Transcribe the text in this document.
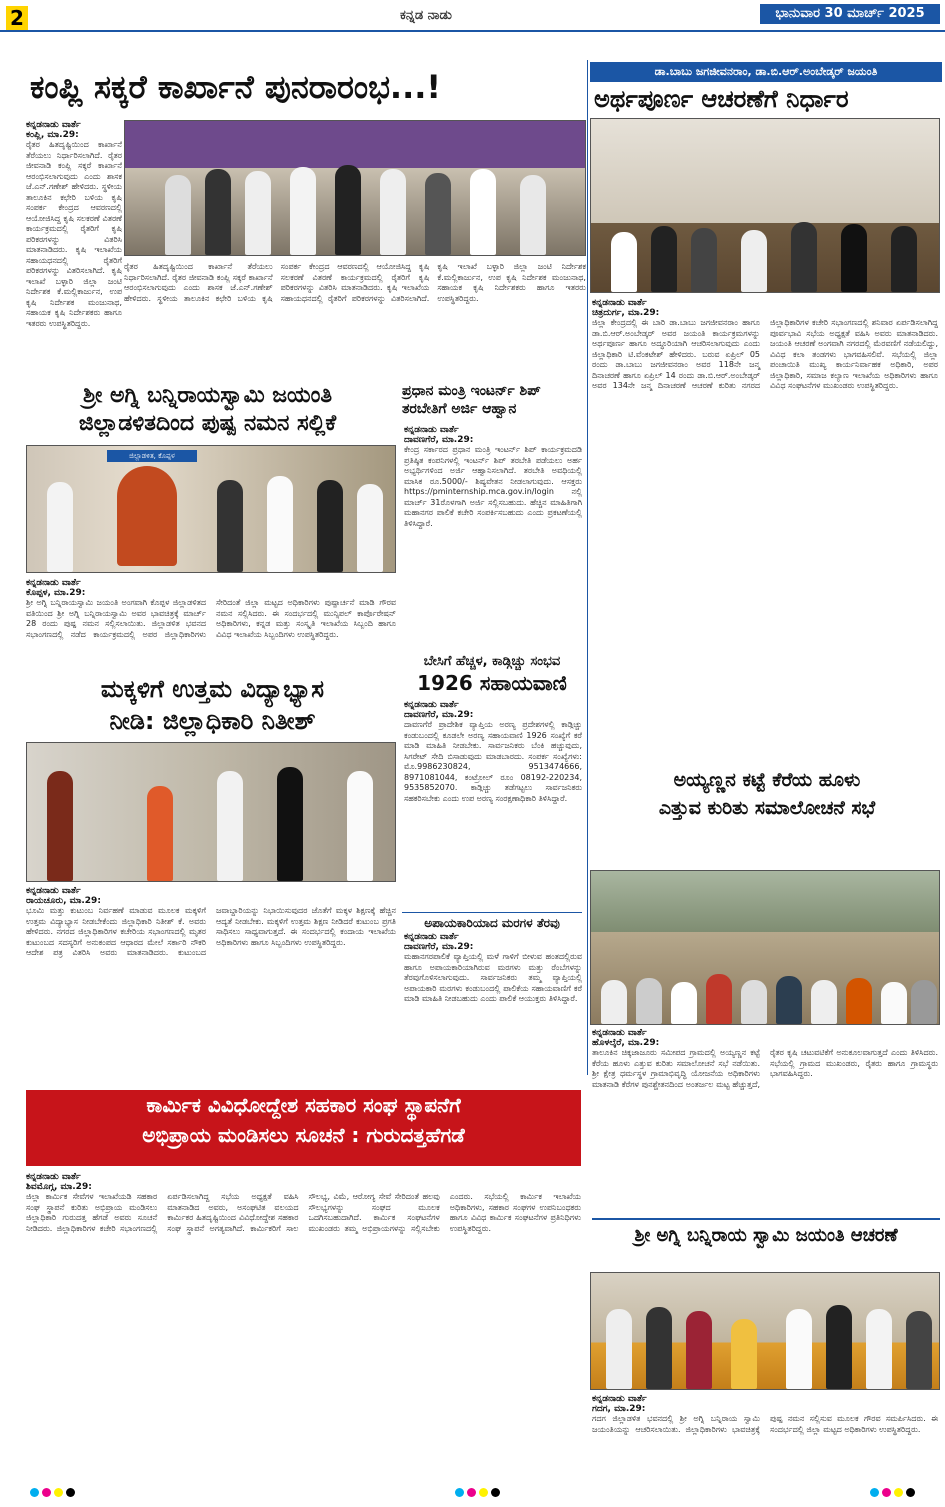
2	ಕನ್ನಡ ನಾಡು	ಭಾನುವಾರ 30 ಮಾರ್ಚ್ 2025
ಕಂಪ್ಲಿ ಸಕ್ಕರೆ ಕಾರ್ಖಾನೆ ಪುನರಾರಂಭ...!
ಕನ್ನಡನಾಡು ವಾರ್ತೆ
ಕಂಪ್ಲಿ, ಮಾ.29:
ರೈತರ ಹಿತದೃಷ್ಟಿಯಿಂದ ಕಾರ್ಖಾನೆ ತೆರೆಯಲು ನಿರ್ಧಾರಿಸಲಾಗಿದೆ. ರೈತರ ಜೀವನಾಡಿ ಕಂಪ್ಲಿ ಸಕ್ಕರೆ ಕಾರ್ಖಾನೆ ಆರಂಭಿಸಲಾಗುವುದು ಎಂದು ಶಾಸಕ ಜೆ.ಎನ್.ಗಣೇಶ್ ಹೇಳಿದರು. ಸ್ಥಳೀಯ ತಾಲೂಕಿನ ಕಛೇರಿ ಬಳಿಯ ಕೃಷಿ ಸಂಪರ್ಕ ಕೇಂದ್ರದ ಆವರಣದಲ್ಲಿ ಆಯೋಜಿಸಿದ್ದ ಕೃಷಿ ಸಲಕರಣೆ ವಿತರಣೆ ಕಾರ್ಯಕ್ರಮದಲ್ಲಿ ರೈತರಿಗೆ ಕೃಷಿ ಪರಿಕರಗಳನ್ನು ವಿತರಿಸಿ ಮಾತನಾಡಿದರು. ಕೃಷಿ ಇಲಾಖೆಯ ಸಹಾಯಧನದಲ್ಲಿ ರೈತರಿಗೆ ಪರಿಕರಗಳನ್ನು ವಿತರಿಸಲಾಗಿದೆ. ಕೃಷಿ ಇಲಾಖೆ ಬಳ್ಳಾರಿ ಜಿಲ್ಲಾ ಜಂಟಿ ನಿರ್ದೇಶಕ ಕೆ.ಮಲ್ಲಿಕಾರ್ಜುನ, ಉಪ ಕೃಷಿ ನಿರ್ದೇಶಕ ಮಂಜುನಾಥ, ಸಹಾಯಕ ಕೃಷಿ ನಿರ್ದೇಶಕರು ಹಾಗೂ ಇತರರು ಉಪಸ್ಥಿತರಿದ್ದರು.
ರೈತರ ಹಿತದೃಷ್ಟಿಯಿಂದ ಕಾರ್ಖಾನೆ ತೆರೆಯಲು ನಿರ್ಧಾರಿಸಲಾಗಿದೆ. ರೈತರ ಜೀವನಾಡಿ ಕಂಪ್ಲಿ ಸಕ್ಕರೆ ಕಾರ್ಖಾನೆ ಆರಂಭಿಸಲಾಗುವುದು ಎಂದು ಶಾಸಕ ಜೆ.ಎನ್.ಗಣೇಶ್ ಹೇಳಿದರು. ಸ್ಥಳೀಯ ತಾಲೂಕಿನ ಕಛೇರಿ ಬಳಿಯ ಕೃಷಿ ಸಂಪರ್ಕ ಕೇಂದ್ರದ ಆವರಣದಲ್ಲಿ ಆಯೋಜಿಸಿದ್ದ ಕೃಷಿ ಸಲಕರಣೆ ವಿತರಣೆ ಕಾರ್ಯಕ್ರಮದಲ್ಲಿ ರೈತರಿಗೆ ಕೃಷಿ ಪರಿಕರಗಳನ್ನು ವಿತರಿಸಿ ಮಾತನಾಡಿದರು. ಕೃಷಿ ಇಲಾಖೆಯ ಸಹಾಯಧನದಲ್ಲಿ ರೈತರಿಗೆ ಪರಿಕರಗಳನ್ನು ವಿತರಿಸಲಾಗಿದೆ. ಕೃಷಿ ಇಲಾಖೆ ಬಳ್ಳಾರಿ ಜಿಲ್ಲಾ ಜಂಟಿ ನಿರ್ದೇಶಕ ಕೆ.ಮಲ್ಲಿಕಾರ್ಜುನ, ಉಪ ಕೃಷಿ ನಿರ್ದೇಶಕ ಮಂಜುನಾಥ, ಸಹಾಯಕ ಕೃಷಿ ನಿರ್ದೇಶಕರು ಹಾಗೂ ಇತರರು ಉಪಸ್ಥಿತರಿದ್ದರು.
ಡಾ.ಬಾಬು ಜಗಜೀವನರಾಂ, ಡಾ.ಬಿ.ಆರ್.ಅಂಬೇಡ್ಕರ್ ಜಯಂತಿ
ಅರ್ಥಪೂರ್ಣ ಆಚರಣೆಗೆ ನಿರ್ಧಾರ
ಕನ್ನಡನಾಡು ವಾರ್ತೆ
ಚಿತ್ರದುರ್ಗ, ಮಾ.29:
ಜಿಲ್ಲಾ ಕೇಂದ್ರದಲ್ಲಿ ಈ ಬಾರಿ ಡಾ.ಬಾಬು ಜಗಜೀವನರಾಂ ಹಾಗೂ ಡಾ.ಬಿ.ಆರ್.ಅಂಬೇಡ್ಕರ್ ಅವರ ಜಯಂತಿ ಕಾರ್ಯಕ್ರಮಗಳನ್ನು ಅರ್ಥಪೂರ್ಣ ಹಾಗೂ ಅದ್ಧೂರಿಯಾಗಿ ಆಚರಿಸಲಾಗುವುದು ಎಂದು ಜಿಲ್ಲಾಧಿಕಾರಿ ಟಿ.ವೆಂಕಟೇಶ್ ಹೇಳಿದರು. ಬರುವ ಏಪ್ರಿಲ್ 05 ರಂದು ಡಾ.ಬಾಬು ಜಗಜೀವನರಾಂ ಅವರ 118ನೇ ಜನ್ಮ ದಿನಾಚರಣೆ ಹಾಗೂ ಏಪ್ರಿಲ್ 14 ರಂದು ಡಾ.ಬಿ.ಆರ್.ಅಂಬೇಡ್ಕರ್ ಅವರ 134ನೇ ಜನ್ಮ ದಿನಾಚರಣೆ ಆಚರಣೆ ಕುರಿತು ನಗರದ ಜಿಲ್ಲಾಧಿಕಾರಿಗಳ ಕಚೇರಿ ಸಭಾಂಗಣದಲ್ಲಿ ಶನಿವಾರ ಏರ್ಪಡಿಸಲಾಗಿದ್ದ ಪೂರ್ವಭಾವಿ ಸಭೆಯ ಅಧ್ಯಕ್ಷತೆ ವಹಿಸಿ ಅವರು ಮಾತನಾಡಿದರು. ಜಯಂತಿ ಆಚರಣೆ ಅಂಗವಾಗಿ ನಗರದಲ್ಲಿ ಮೆರವಣಿಗೆ ನಡೆಯಲಿದ್ದು, ವಿವಿಧ ಕಲಾ ತಂಡಗಳು ಭಾಗವಹಿಸಲಿವೆ. ಸಭೆಯಲ್ಲಿ ಜಿಲ್ಲಾ ಪಂಚಾಯಿತಿ ಮುಖ್ಯ ಕಾರ್ಯನಿರ್ವಾಹಕ ಅಧಿಕಾರಿ, ಅಪರ ಜಿಲ್ಲಾಧಿಕಾರಿ, ಸಮಾಜ ಕಲ್ಯಾಣ ಇಲಾಖೆಯ ಅಧಿಕಾರಿಗಳು ಹಾಗೂ ವಿವಿಧ ಸಂಘಟನೆಗಳ ಮುಖಂಡರು ಉಪಸ್ಥಿತರಿದ್ದರು.
ಶ್ರೀ ಅಗ್ನಿ ಬನ್ನಿರಾಯಸ್ವಾಮಿ ಜಯಂತಿ
ಜಿಲ್ಲಾಡಳಿತದಿಂದ ಪುಷ್ಪ ನಮನ ಸಲ್ಲಿಕೆ
ಜಿಲ್ಲಾಡಳಿತ, ಕೊಪ್ಪಳ
ಕನ್ನಡನಾಡು ವಾರ್ತೆ
ಕೊಪ್ಪಳ, ಮಾ.29:
ಶ್ರೀ ಅಗ್ನಿ ಬನ್ನಿರಾಯಸ್ವಾಮಿ ಜಯಂತಿ ಅಂಗವಾಗಿ ಕೊಪ್ಪಳ ಜಿಲ್ಲಾಡಳಿತದ ವತಿಯಿಂದ ಶ್ರೀ ಅಗ್ನಿ ಬನ್ನಿರಾಯಸ್ವಾಮಿ ಅವರ ಭಾವಚಿತ್ರಕ್ಕೆ ಮಾರ್ಚ್ 28 ರಂದು ಪುಷ್ಪ ನಮನ ಸಲ್ಲಿಸಲಾಯಿತು. ಜಿಲ್ಲಾಡಳಿತ ಭವನದ ಸಭಾಂಗಣದಲ್ಲಿ ನಡೆದ ಕಾರ್ಯಕ್ರಮದಲ್ಲಿ ಅಪರ ಜಿಲ್ಲಾಧಿಕಾರಿಗಳು ಸೇರಿದಂತೆ ಜಿಲ್ಲಾ ಮಟ್ಟದ ಅಧಿಕಾರಿಗಳು ಪುಷ್ಪಾರ್ಚನೆ ಮಾಡಿ ಗೌರವ ನಮನ ಸಲ್ಲಿಸಿದರು. ಈ ಸಂದರ್ಭದಲ್ಲಿ ಮುನ್ಸಿಪಲ್ ಕಾರ್ಪೊರೇಷನ್ ಅಧಿಕಾರಿಗಳು, ಕನ್ನಡ ಮತ್ತು ಸಂಸ್ಕೃತಿ ಇಲಾಖೆಯ ಸಿಬ್ಬಂದಿ ಹಾಗೂ ವಿವಿಧ ಇಲಾಖೆಯ ಸಿಬ್ಬಂದಿಗಳು ಉಪಸ್ಥಿತರಿದ್ದರು.
ಪ್ರಧಾನ ಮಂತ್ರಿ ಇಂಟರ್ನ್ ಶಿಪ್
ತರಬೇತಿಗೆ ಅರ್ಜಿ ಆಹ್ವಾನ
ಕನ್ನಡನಾಡು ವಾರ್ತೆ
ದಾವಣಗೆರೆ, ಮಾ.29:
ಕೇಂದ್ರ ಸರ್ಕಾರದ ಪ್ರಧಾನ ಮಂತ್ರಿ ಇಂಟರ್ನ್ ಶಿಪ್ ಕಾರ್ಯಕ್ರಮದಡಿ ಪ್ರತಿಷ್ಠಿತ ಕಂಪನಿಗಳಲ್ಲಿ ಇಂಟರ್ನ್ ಶಿಪ್ ತರಬೇತಿ ಪಡೆಯಲು ಅರ್ಹ ಅಭ್ಯರ್ಥಿಗಳಿಂದ ಅರ್ಜಿ ಆಹ್ವಾನಿಸಲಾಗಿದೆ. ತರಬೇತಿ ಅವಧಿಯಲ್ಲಿ ಮಾಸಿಕ ರೂ.5000/- ಶಿಷ್ಯವೇತನ ನೀಡಲಾಗುವುದು. ಆಸಕ್ತರು https://pminternship.mca.gov.in/login ನಲ್ಲಿ ಮಾರ್ಚ್ 31ರೊಳಗಾಗಿ ಅರ್ಜಿ ಸಲ್ಲಿಸಬಹುದು. ಹೆಚ್ಚಿನ ಮಾಹಿತಿಗಾಗಿ ಮಹಾನಗರ ಪಾಲಿಕೆ ಕಚೇರಿ ಸಂಪರ್ಕಿಸಬಹುದು ಎಂದು ಪ್ರಕಟಣೆಯಲ್ಲಿ ತಿಳಿಸಿದ್ದಾರೆ.
ಬೇಸಿಗೆ ಹೆಚ್ಚಳ, ಕಾಡ್ಗಿಚ್ಚು ಸಂಭವ
1926 ಸಹಾಯವಾಣಿ
ಕನ್ನಡನಾಡು ವಾರ್ತೆ
ದಾವಣಗೆರೆ, ಮಾ.29:
ದಾವಣಗೆರೆ ಪ್ರಾದೇಶಿಕ ವ್ಯಾಪ್ತಿಯ ಅರಣ್ಯ ಪ್ರದೇಶಗಳಲ್ಲಿ ಕಾಡ್ಗಿಚ್ಚು ಕಂಡುಬಂದಲ್ಲಿ ಕೂಡಲೇ ಅರಣ್ಯ ಸಹಾಯವಾಣಿ 1926 ಸಂಖ್ಯೆಗೆ ಕರೆ ಮಾಡಿ ಮಾಹಿತಿ ನೀಡಬೇಕು. ಸಾರ್ವಜನಿಕರು ಬೆಂಕಿ ಹಚ್ಚುವುದು, ಸಿಗರೇಟ್ ಸೇದಿ ಬಿಸಾಡುವುದು ಮಾಡಬಾರದು. ಸಂಪರ್ಕ ಸಂಖ್ಯೆಗಳು: ಮೊ.9986230824, 9513474666, 8971081044, ಕಂಟ್ರೋಲ್ ರೂಂ 08192-220234, 9535852070. ಕಾಡ್ಗಿಚ್ಚು ತಡೆಗಟ್ಟಲು ಸಾರ್ವಜನಿಕರು ಸಹಕರಿಸಬೇಕು ಎಂದು ಉಪ ಅರಣ್ಯ ಸಂರಕ್ಷಣಾಧಿಕಾರಿ ತಿಳಿಸಿದ್ದಾರೆ.
ಅಪಾಯಕಾರಿಯಾದ ಮರಗಳ ತೆರವು
ಕನ್ನಡನಾಡು ವಾರ್ತೆ
ದಾವಣಗೆರೆ, ಮಾ.29:
ಮಹಾನಗರಪಾಲಿಕೆ ವ್ಯಾಪ್ತಿಯಲ್ಲಿ ಮಳೆ ಗಾಳಿಗೆ ಬೀಳುವ ಹಂತದಲ್ಲಿರುವ ಹಾಗೂ ಅಪಾಯಕಾರಿಯಾಗಿರುವ ಮರಗಳು ಮತ್ತು ರೆಂಬೆಗಳನ್ನು ತೆರವುಗೊಳಿಸಲಾಗುವುದು. ಸಾರ್ವಜನಿಕರು ತಮ್ಮ ವ್ಯಾಪ್ತಿಯಲ್ಲಿ ಅಪಾಯಕಾರಿ ಮರಗಳು ಕಂಡುಬಂದಲ್ಲಿ ಪಾಲಿಕೆಯ ಸಹಾಯವಾಣಿಗೆ ಕರೆ ಮಾಡಿ ಮಾಹಿತಿ ನೀಡಬಹುದು ಎಂದು ಪಾಲಿಕೆ ಆಯುಕ್ತರು ತಿಳಿಸಿದ್ದಾರೆ.
ಮಕ್ಕಳಿಗೆ ಉತ್ತಮ ವಿದ್ಯಾಭ್ಯಾಸ
ನೀಡಿ: ಜಿಲ್ಲಾಧಿಕಾರಿ ನಿತೀಶ್
ಕನ್ನಡನಾಡು ವಾರ್ತೆ
ರಾಯಚೂರು, ಮಾ.29:
ಭೂಮಿ ಮತ್ತು ಕುಟುಂಬ ನಿರ್ವಹಣೆ ಮಾಡುವ ಮೂಲಕ ಮಕ್ಕಳಿಗೆ ಉತ್ತಮ ವಿದ್ಯಾಭ್ಯಾಸ ನೀಡಬೇಕೆಂದು ಜಿಲ್ಲಾಧಿಕಾರಿ ನಿತೀಶ್ ಕೆ. ಅವರು ಹೇಳಿದರು. ನಗರದ ಜಿಲ್ಲಾಧಿಕಾರಿಗಳ ಕಚೇರಿಯ ಸಭಾಂಗಣದಲ್ಲಿ ಮೃತರ ಕುಟುಂಬದ ಸದಸ್ಯರಿಗೆ ಅನುಕಂಪದ ಆಧಾರದ ಮೇಲೆ ಸರ್ಕಾರಿ ನೌಕರಿ ಆದೇಶ ಪತ್ರ ವಿತರಿಸಿ ಅವರು ಮಾತನಾಡಿದರು. ಕುಟುಂಬದ ಜವಾಬ್ದಾರಿಯನ್ನು ನಿಭಾಯಿಸುವುದರ ಜೊತೆಗೆ ಮಕ್ಕಳ ಶಿಕ್ಷಣಕ್ಕೆ ಹೆಚ್ಚಿನ ಆದ್ಯತೆ ನೀಡಬೇಕು. ಮಕ್ಕಳಿಗೆ ಉತ್ತಮ ಶಿಕ್ಷಣ ನೀಡಿದರೆ ಕುಟುಂಬ ಪ್ರಗತಿ ಸಾಧಿಸಲು ಸಾಧ್ಯವಾಗುತ್ತದೆ. ಈ ಸಂದರ್ಭದಲ್ಲಿ ಕಂದಾಯ ಇಲಾಖೆಯ ಅಧಿಕಾರಿಗಳು ಹಾಗೂ ಸಿಬ್ಬಂದಿಗಳು ಉಪಸ್ಥಿತರಿದ್ದರು.
ಅಯ್ಯಣ್ಣನ ಕಟ್ಟೆ ಕೆರೆಯ ಹೂಳು
ಎತ್ತುವ ಕುರಿತು ಸಮಾಲೋಚನೆ ಸಭೆ
ಕನ್ನಡನಾಡು ವಾರ್ತೆ
ಹೊಳಲ್ಕೆರೆ, ಮಾ.29:
ತಾಲೂಕಿನ ಚಿಕ್ಕಜಾಜೂರು ಸಮೀಪದ ಗ್ರಾಮದಲ್ಲಿ ಅಯ್ಯಣ್ಣನ ಕಟ್ಟೆ ಕೆರೆಯ ಹೂಳು ಎತ್ತುವ ಕುರಿತು ಸಮಾಲೋಚನೆ ಸಭೆ ನಡೆಯಿತು. ಶ್ರೀ ಕ್ಷೇತ್ರ ಧರ್ಮಸ್ಥಳ ಗ್ರಾಮಾಭಿವೃದ್ಧಿ ಯೋಜನೆಯ ಅಧಿಕಾರಿಗಳು ಮಾತನಾಡಿ ಕೆರೆಗಳ ಪುನಶ್ಚೇತನದಿಂದ ಅಂತರ್ಜಲ ಮಟ್ಟ ಹೆಚ್ಚುತ್ತದೆ, ರೈತರ ಕೃಷಿ ಚಟುವಟಿಕೆಗೆ ಅನುಕೂಲವಾಗುತ್ತದೆ ಎಂದು ತಿಳಿಸಿದರು. ಸಭೆಯಲ್ಲಿ ಗ್ರಾಮದ ಮುಖಂಡರು, ರೈತರು ಹಾಗೂ ಗ್ರಾಮಸ್ಥರು ಭಾಗವಹಿಸಿದ್ದರು.
ಕಾರ್ಮಿಕ ವಿವಿಧೋದ್ದೇಶ ಸಹಕಾರ ಸಂಘ ಸ್ಥಾಪನೆಗೆ
ಅಭಿಪ್ರಾಯ ಮಂಡಿಸಲು ಸೂಚನೆ : ಗುರುದತ್ತಹೆಗಡೆ
ಕನ್ನಡನಾಡು ವಾರ್ತೆ
ಶಿವಮೊಗ್ಗ, ಮಾ.29:
ಜಿಲ್ಲಾ ಕಾರ್ಮಿಕ ಸೇವೆಗಳ ಇಲಾಖೆಯಡಿ ಸಹಕಾರ ಸಂಘ ಸ್ಥಾಪನೆ ಕುರಿತು ಅಭಿಪ್ರಾಯ ಮಂಡಿಸಲು ಜಿಲ್ಲಾಧಿಕಾರಿ ಗುರುದತ್ತ ಹೆಗಡೆ ಅವರು ಸೂಚನೆ ನೀಡಿದರು. ಜಿಲ್ಲಾಧಿಕಾರಿಗಳ ಕಚೇರಿ ಸಭಾಂಗಣದಲ್ಲಿ ಏರ್ಪಡಿಸಲಾಗಿದ್ದ ಸಭೆಯ ಅಧ್ಯಕ್ಷತೆ ವಹಿಸಿ ಮಾತನಾಡಿದ ಅವರು, ಅಸಂಘಟಿತ ವಲಯದ ಕಾರ್ಮಿಕರ ಹಿತದೃಷ್ಟಿಯಿಂದ ವಿವಿಧೋದ್ದೇಶ ಸಹಕಾರ ಸಂಘ ಸ್ಥಾಪನೆ ಅಗತ್ಯವಾಗಿದೆ. ಕಾರ್ಮಿಕರಿಗೆ ಸಾಲ ಸೌಲಭ್ಯ, ವಿಮೆ, ಆರೋಗ್ಯ ಸೇವೆ ಸೇರಿದಂತೆ ಹಲವು ಸೌಲಭ್ಯಗಳನ್ನು ಸಂಘದ ಮೂಲಕ ಒದಗಿಸಬಹುದಾಗಿದೆ. ಕಾರ್ಮಿಕ ಸಂಘಟನೆಗಳ ಮುಖಂಡರು ತಮ್ಮ ಅಭಿಪ್ರಾಯಗಳನ್ನು ಸಲ್ಲಿಸಬೇಕು ಎಂದರು. ಸಭೆಯಲ್ಲಿ ಕಾರ್ಮಿಕ ಇಲಾಖೆಯ ಅಧಿಕಾರಿಗಳು, ಸಹಕಾರ ಸಂಘಗಳ ಉಪನಿಬಂಧಕರು ಹಾಗೂ ವಿವಿಧ ಕಾರ್ಮಿಕ ಸಂಘಟನೆಗಳ ಪ್ರತಿನಿಧಿಗಳು ಉಪಸ್ಥಿತರಿದ್ದರು.	ಶ್ರೀ ಅಗ್ನಿ ಬನ್ನಿರಾಯ ಸ್ವಾಮಿ ಜಯಂತಿ ಆಚರಣೆ
ಕನ್ನಡನಾಡು ವಾರ್ತೆ
ಗದಗ, ಮಾ.29:
ಗದಗ ಜಿಲ್ಲಾಡಳಿತ ಭವನದಲ್ಲಿ ಶ್ರೀ ಅಗ್ನಿ ಬನ್ನಿರಾಯ ಸ್ವಾಮಿ ಜಯಂತಿಯನ್ನು ಆಚರಿಸಲಾಯಿತು. ಜಿಲ್ಲಾಧಿಕಾರಿಗಳು ಭಾವಚಿತ್ರಕ್ಕೆ ಪುಷ್ಪ ನಮನ ಸಲ್ಲಿಸುವ ಮೂಲಕ ಗೌರವ ಸಮರ್ಪಿಸಿದರು. ಈ ಸಂದರ್ಭದಲ್ಲಿ ಜಿಲ್ಲಾ ಮಟ್ಟದ ಅಧಿಕಾರಿಗಳು ಉಪಸ್ಥಿತರಿದ್ದರು.
